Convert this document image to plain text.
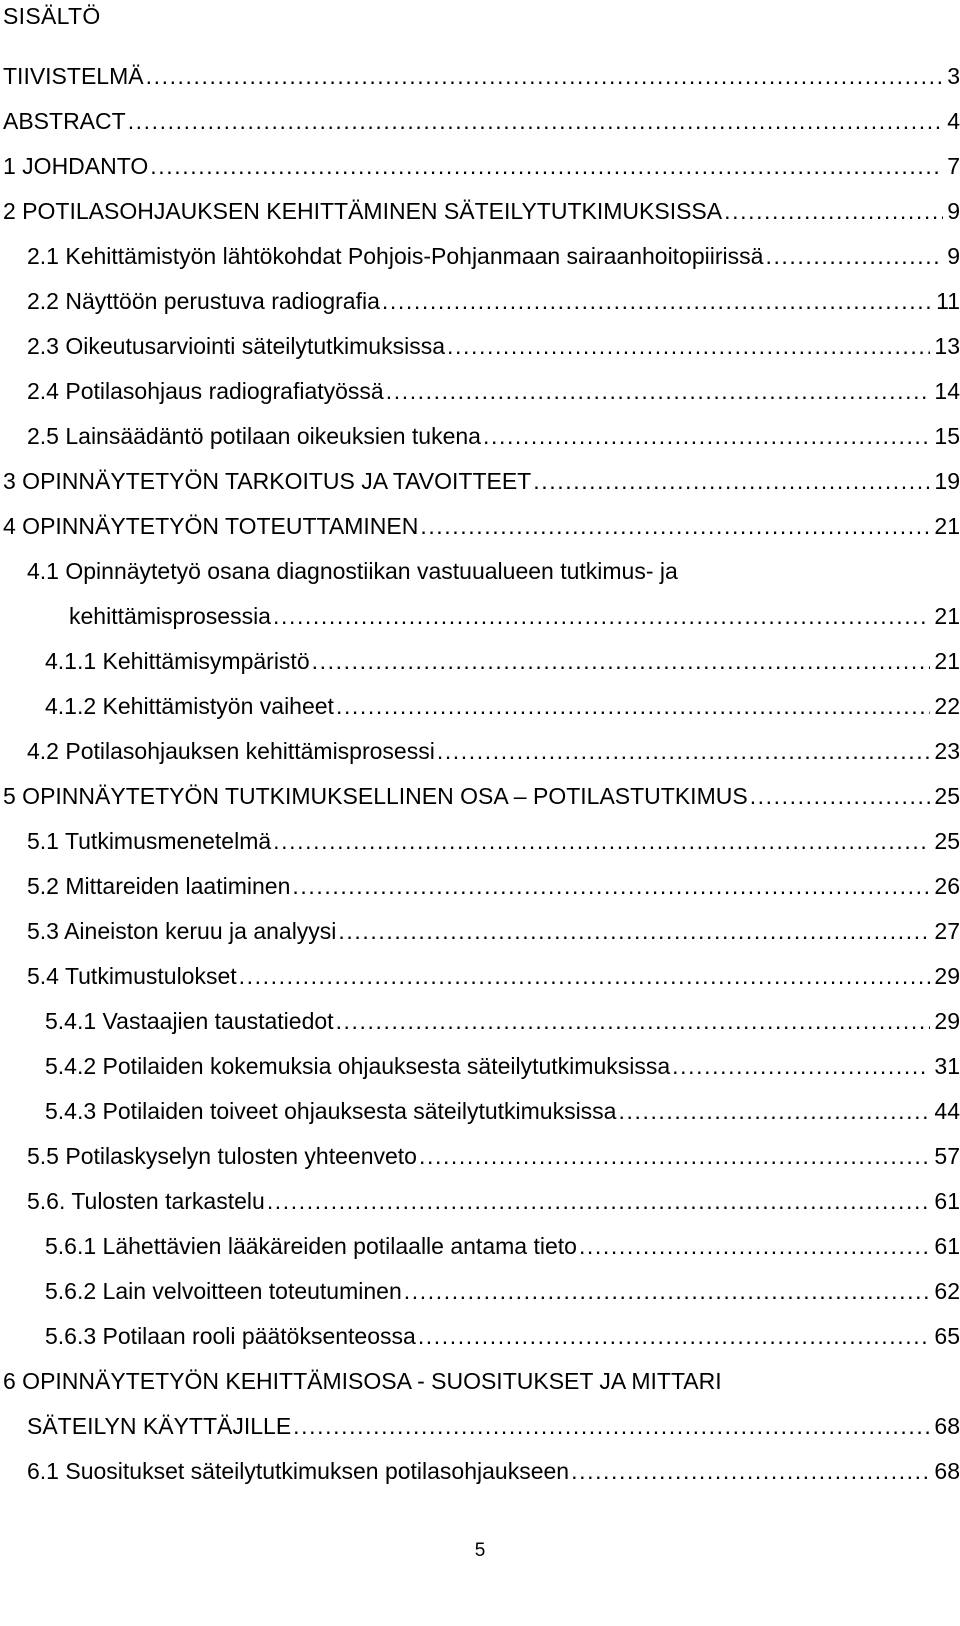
SISÄLTÖ
TIIVISTELMÄ .....	3
ABSTRACT .....	4
1 JOHDANTO .....	7
2 POTILASOHJAUKSEN KEHITTÄMINEN SÄTEILYTUTKIMUKSISSA .....	9
2.1 Kehittämistyön lähtökohdat Pohjois-Pohjanmaan sairaanhoitopiirissä .....	9
2.2 Näyttöön perustuva radiografia .....	11
2.3 Oikeutusarviointi säteilytutkimuksissa .....	13
2.4 Potilasohjaus radiografiatyössä .....	14
2.5 Lainsäädäntö potilaan oikeuksien tukena .....	15
3 OPINNÄYTETYÖN TARKOITUS JA TAVOITTEET .....	19
4 OPINNÄYTETYÖN TOTEUTTAMINEN .....	21
4.1 Opinnäytetyö osana diagnostiikan vastuualueen tutkimus- ja
kehittämisprosessia .....	21
4.1.1 Kehittämisympäristö .....	21
4.1.2 Kehittämistyön vaiheet .....	22
4.2 Potilasohjauksen kehittämisprosessi .....	23
5 OPINNÄYTETYÖN TUTKIMUKSELLINEN OSA – POTILASTUTKIMUS .....	25
5.1 Tutkimusmenetelmä .....	25
5.2 Mittareiden laatiminen .....	26
5.3 Aineiston keruu ja analyysi .....	27
5.4 Tutkimustulokset .....	29
5.4.1 Vastaajien taustatiedot .....	29
5.4.2 Potilaiden kokemuksia ohjauksesta säteilytutkimuksissa .....	31
5.4.3 Potilaiden toiveet ohjauksesta säteilytutkimuksissa .....	44
5.5 Potilaskyselyn tulosten yhteenveto .....	57
5.6. Tulosten tarkastelu .....	61
5.6.1 Lähettävien lääkäreiden potilaalle antama tieto .....	61
5.6.2 Lain velvoitteen toteutuminen .....	62
5.6.3 Potilaan rooli päätöksenteossa .....	65
6 OPINNÄYTETYÖN KEHITTÄMISOSA - SUOSITUKSET JA MITTARI
SÄTEILYN KÄYTTÄJILLE .....	68
6.1 Suositukset säteilytutkimuksen potilasohjaukseen .....	68
5
